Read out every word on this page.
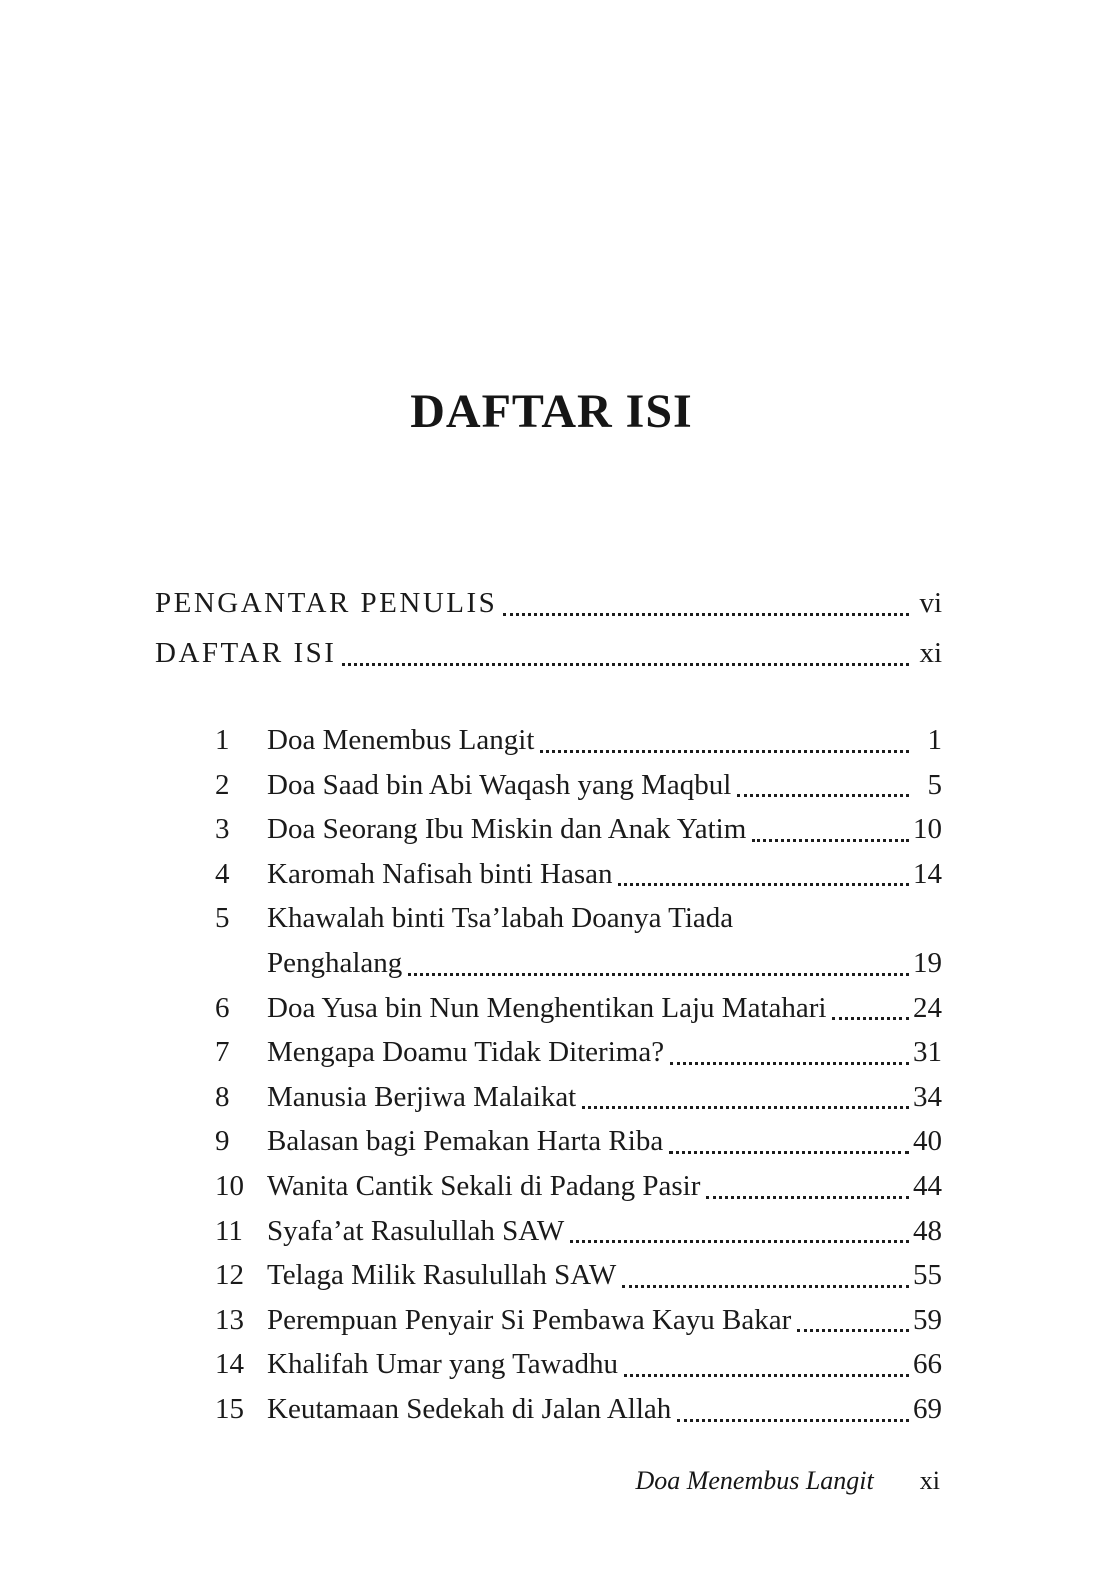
DAFTAR ISI
PENGANTAR PENULIS	vi
DAFTAR ISI	xi
1	Doa Menembus Langit	1
2	Doa Saad bin Abi Waqash yang Maqbul	5
3	Doa Seorang Ibu Miskin dan Anak Yatim	10
4	Karomah Nafisah binti Hasan	14
5	Khawalah binti Tsa’labah Doanya Tiada
Penghalang	19
6	Doa Yusa bin Nun Menghentikan Laju Matahari	24
7	Mengapa Doamu Tidak Diterima?	31
8	Manusia Berjiwa Malaikat	34
9	Balasan bagi Pemakan Harta Riba	40
10 Wanita Cantik Sekali di Padang Pasir	44
11 Syafa’at Rasulullah SAW	48
12 Telaga Milik Rasulullah SAW	55
13 Perempuan Penyair Si Pembawa Kayu Bakar	59
14 Khalifah Umar yang Tawadhu	66
15 Keutamaan Sedekah di Jalan Allah	69
Doa Menembus Langit xi
